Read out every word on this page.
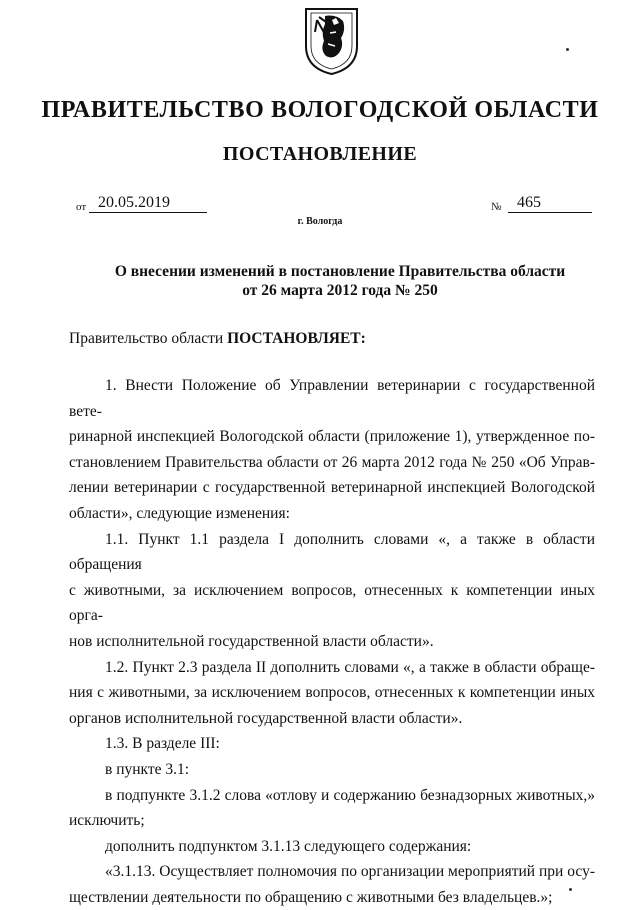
ПРАВИТЕЛЬСТВО ВОЛОГОДСКОЙ ОБЛАСТИ
ПОСТАНОВЛЕНИЕ
от 20.05.2019	№ 465
г. Вологда
О внесении изменений в постановление Правительства области
от 26 марта 2012 года № 250
Правительство области ПОСТАНОВЛЯЕТ:

1. Внести Положение об Управлении ветеринарии с государственной вете-

ринарной инспекцией Вологодской области (приложение 1), утвержденное по-

становлением Правительства области от 26 марта 2012 года № 250 «Об Управ-

лении ветеринарии с государственной ветеринарной инспекцией Вологодской

области», следующие изменения:

1.1. Пункт 1.1 раздела I дополнить словами «, а также в области обращения

с животными, за исключением вопросов, отнесенных к компетенции иных орга-

нов исполнительной государственной власти области».

1.2. Пункт 2.3 раздела II дополнить словами «, а также в области обраще-

ния с животными, за исключением вопросов, отнесенных к компетенции иных

органов исполнительной государственной власти области».

1.3. В разделе III:

в пункте 3.1:

в подпункте 3.1.2 слова «отлову и содержанию безнадзорных животных,»

исключить;

дополнить подпунктом 3.1.13 следующего содержания:

«3.1.13. Осуществляет полномочия по организации мероприятий при осу-

ществлении деятельности по обращению с животными без владельцев.»;
